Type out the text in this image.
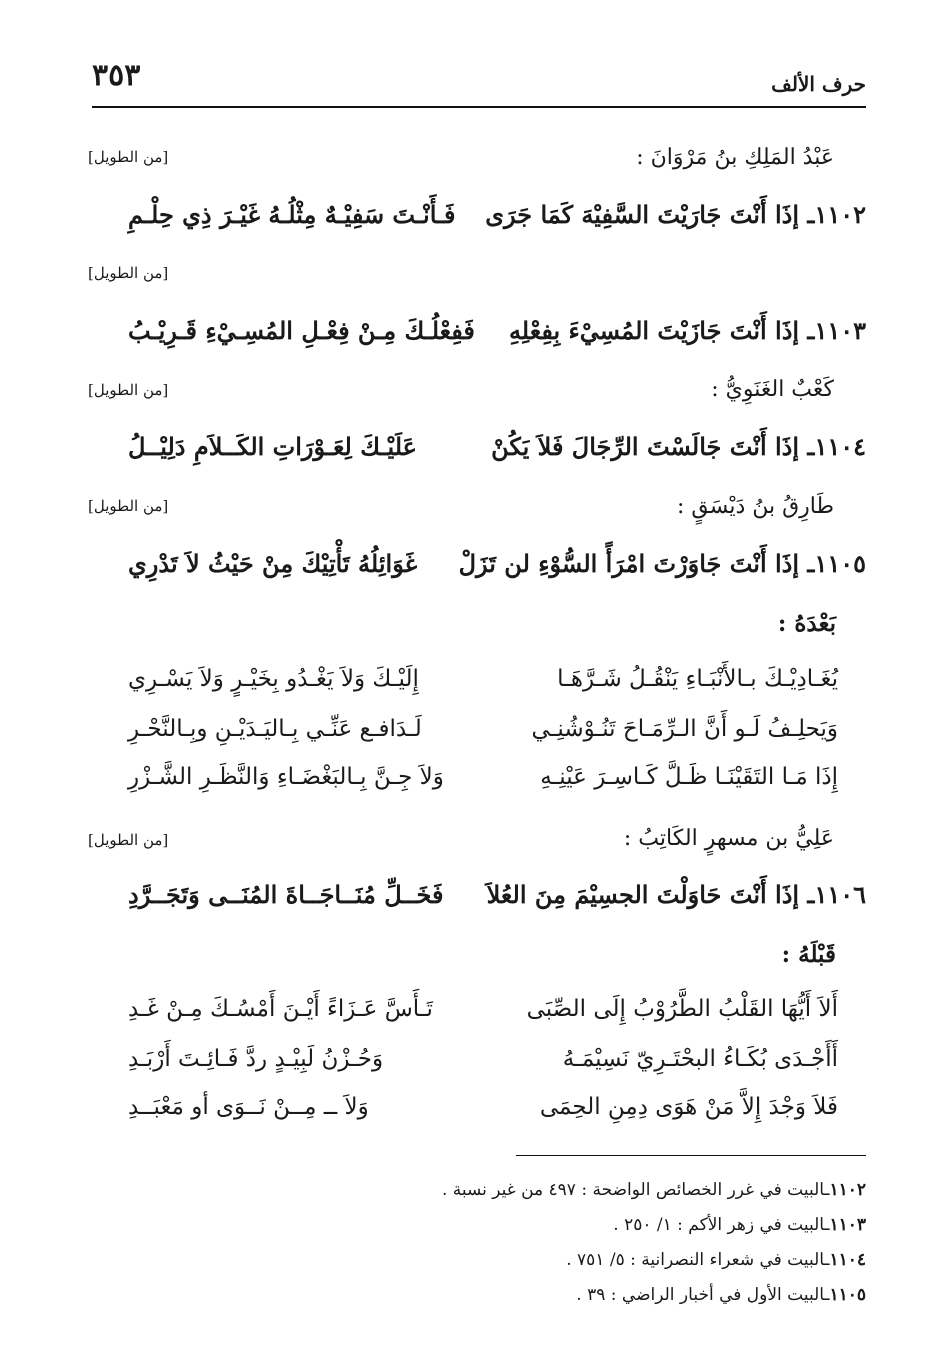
حرف الألف
٣٥٣
عَبْدُ المَلِكِ بنُ مَرْوَانَ :
[من الطويل]
١١٠٢ـ إذَا أَنْتَ جَارَيْتَ السَّفِيْهَ كَمَا جَرَى
فَـأَنْـتَ سَفِيْـهٌ مِثْلُـهُ غَيْـرَ ذِي حِلْـمِ
[من الطويل]
١١٠٣ـ إذَا أَنْتَ جَازَيْتَ المُسِيْءَ بِفِعْلِهِ
فَفِعْلُـكَ مِـنْ فِعْـلِ المُسِـيْءِ قَـرِيْـبُ
كَعْبٌ الغَنَوِيُّ :
[من الطويل]
١١٠٤ـ إذَا أَنْتَ جَالَسْتَ الرِّجَالَ فَلاَ يَكُنْ
عَلَيْـكَ لِعَـوْرَاتِ الكَــلاَمِ دَلِيْــلُ
طَارِقُ بنُ دَيْسَقٍ :
[من الطويل]
١١٠٥ـ إذَا أَنْتَ جَاوَرْتَ امْرَأً السُّوْءِ لن تَزَلْ
غَوَائِلُهُ تَأْتِيْكَ مِنْ حَيْثُ لاَ تَدْرِي
بَعْدَهُ :
يُغَـادِيْـكَ بـالأَنْبَـاءِ يَنْقُـلُ شَـرَّهَـا
إِلَيْـكَ وَلاَ يَغْـدُو بِخَيْـرٍ وَلاَ يَسْـرِي
وَيَحلِـفُ لَـو أَنَّ الـرِّمَـاحَ تَنُـوْشُنِـي
لَـدَافـع عَنِّـي بِـاليَـدَيْـنِ وبِـالنَّحْـرِ
إِذَا مَـا التَقَيْنَـا ظَـلَّ كَـاسِـرَ عَيْنِـهِ
وَلاَ جِـنَّ بِـالبَغْضَـاءِ وَالنَّظَـرِ الشَّـزْرِ
عَلِيُّ بن مسهرٍ الكَاتِبُ :
[من الطويل]
١١٠٦ـ إذَا أَنْتَ حَاوَلْتَ الجسِيْمَ مِنَ العُلاَ
فَخَــلِّ مُنَــاجَــاةَ المُنَــى وَتَجَــرَّدِ
قَبْلَهُ :
أَلاَ أَيُّهَا القَلْبُ الطَّرُوْبُ إِلَى الصِّبَى
تَـأَسَّ عَـزَاءً أَيْـنَ أَمْسُـكَ مِـنْ غَـدِ
أَأَجْـدَى بُكَـاءُ البحْتَـرِيّ نَسِيْمَـهُ
وَحُـزْنُ لَبِيْـدٍ ردَّ فَـائِـتَ أَرْبَـدِ
فَلاَ وَجْدَ إِلاَّ مَنْ هَوَى دِمِنِ الحِمَى
وَلاَ ــ مِــنْ نَــوَى أو مَعْبَــدِ
١١٠٢ـالبيت في غرر الخصائص الواضحة : ٤٩٧ من غير نسبة .
١١٠٣ـالبيت في زهر الأكم : ١/ ٢٥٠ .
١١٠٤ـالبيت في شعراء النصرانية : ٥/ ٧٥١ .
١١٠٥ـالبيت الأول في أخبار الراضي : ٣٩ .
